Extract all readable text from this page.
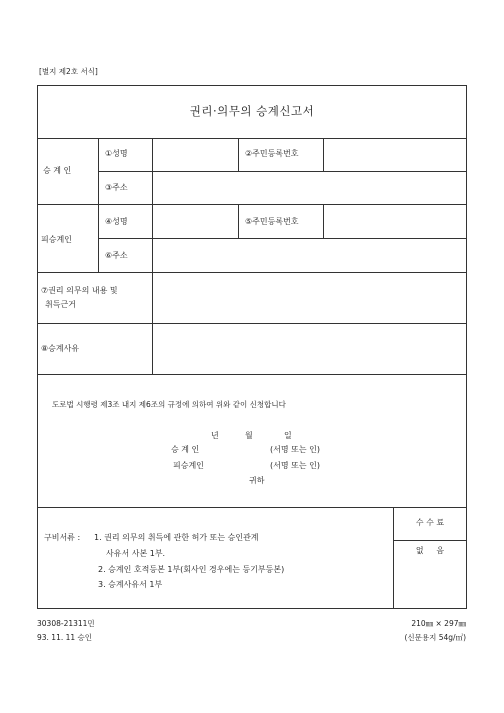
[별지 제2호 서식]
권리·의무의 승계신고서
승 계 인
①성명	②주민등록번호
③주소
피승계인
④성명	⑤주민등록번호
⑥주소
⑦권리 의무의 내용 및
취득근거
⑧승계사유
도로법 시행령 제3조 내지 제6조의 규정에 의하여 위와 같이 신청합니다
년	월	일
승 계 인	(서명 또는 인)
피승계인	(서명 또는 인)
귀하
구비서류 : 1. 권리 의무의 취득에 관한 허가 또는 승인관계
사유서 사본 1부.
2. 승계인 호적등본 1부(회사인 경우에는 등기부등본)
3. 승계사유서 1부
수 수 료
없     음
30308-21311민
93. 11. 11 승인
210㎜ × 297㎜
(신문용지 54g/㎡)
